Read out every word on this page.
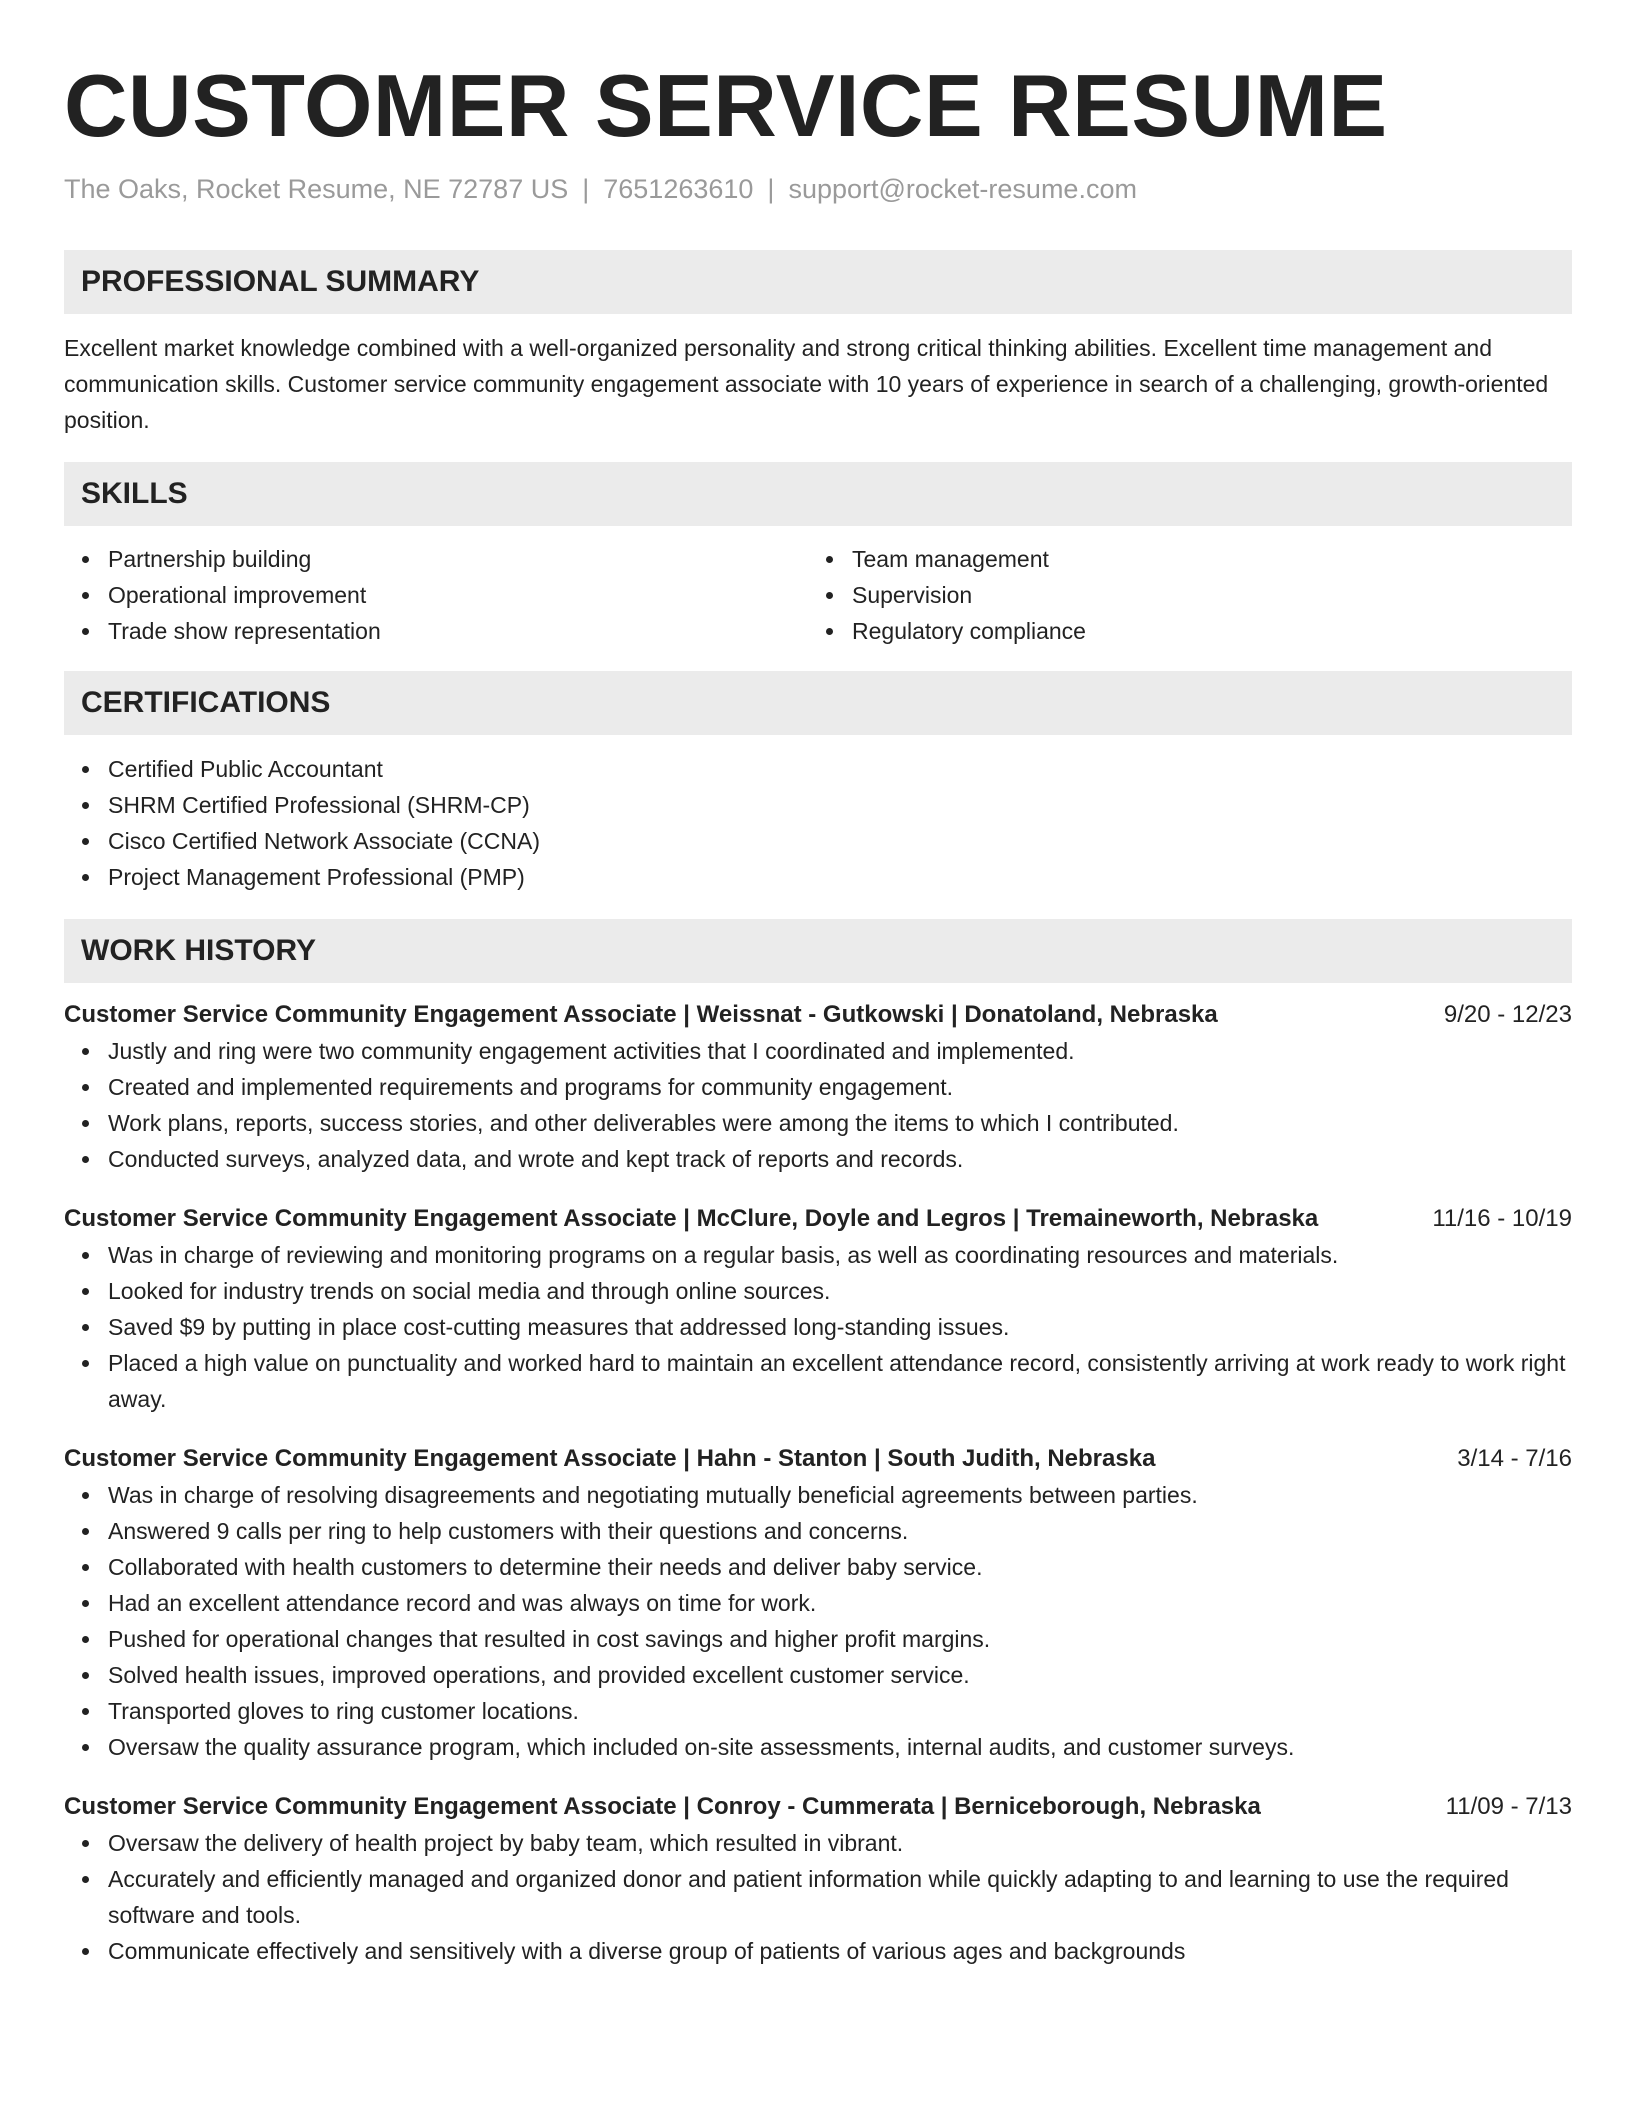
CUSTOMER SERVICE RESUME
The Oaks, Rocket Resume, NE 72787 US | 7651263610 | support@rocket-resume.com
PROFESSIONAL SUMMARY

Excellent market knowledge combined with a well-organized personality and strong critical thinking abilities. Excellent time management and communication skills. Customer service community engagement associate with 10 years of experience in search of a challenging, growth-oriented position.

SKILLS
Partnership building
Operational improvement
Trade show representation
Team management
Supervision
Regulatory compliance
CERTIFICATIONS
Certified Public Accountant
SHRM Certified Professional (SHRM-CP)
Cisco Certified Network Associate (CCNA)
Project Management Professional (PMP)
WORK HISTORY
Customer Service Community Engagement Associate | Weissnat - Gutkowski | Donatoland, Nebraska	9/20 - 12/23
Justly and ring were two community engagement activities that I coordinated and implemented.
Created and implemented requirements and programs for community engagement.
Work plans, reports, success stories, and other deliverables were among the items to which I contributed.
Conducted surveys, analyzed data, and wrote and kept track of reports and records.
Customer Service Community Engagement Associate | McClure, Doyle and Legros | Tremaineworth, Nebraska	11/16 - 10/19
Was in charge of reviewing and monitoring programs on a regular basis, as well as coordinating resources and materials.
Looked for industry trends on social media and through online sources.
Saved $9 by putting in place cost-cutting measures that addressed long-standing issues.
Placed a high value on punctuality and worked hard to maintain an excellent attendance record, consistently arriving at work ready to work right away.
Customer Service Community Engagement Associate | Hahn - Stanton | South Judith, Nebraska	3/14 - 7/16
Was in charge of resolving disagreements and negotiating mutually beneficial agreements between parties.
Answered 9 calls per ring to help customers with their questions and concerns.
Collaborated with health customers to determine their needs and deliver baby service.
Had an excellent attendance record and was always on time for work.
Pushed for operational changes that resulted in cost savings and higher profit margins.
Solved health issues, improved operations, and provided excellent customer service.
Transported gloves to ring customer locations.
Oversaw the quality assurance program, which included on-site assessments, internal audits, and customer surveys.
Customer Service Community Engagement Associate | Conroy - Cummerata | Berniceborough, Nebraska	11/09 - 7/13
Oversaw the delivery of health project by baby team, which resulted in vibrant.
Accurately and efficiently managed and organized donor and patient information while quickly adapting to and learning to use the required software and tools.
Communicate effectively and sensitively with a diverse group of patients of various ages and backgrounds
